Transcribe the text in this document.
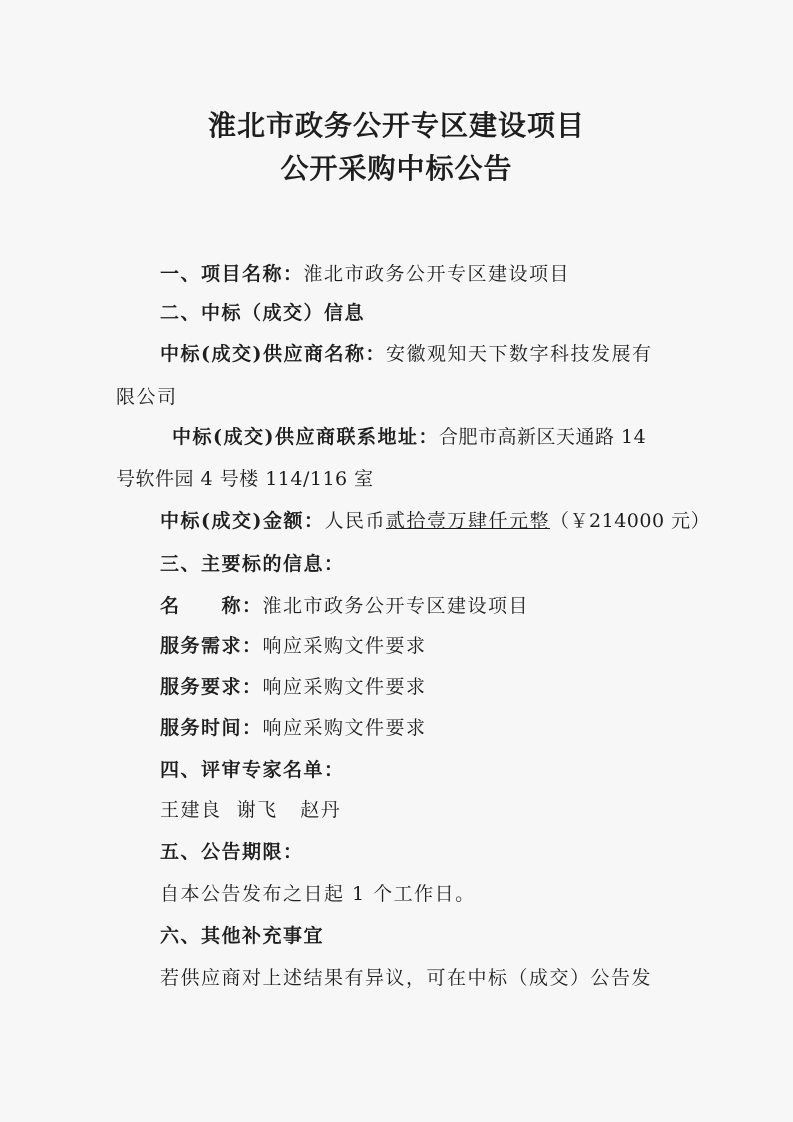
淮北市政务公开专区建设项目
公开采购中标公告
一、项目名称：淮北市政务公开专区建设项目
二、中标（成交）信息
中标(成交)供应商名称：安徽观知天下数字科技发展有
限公司
中标(成交)供应商联系地址：合肥市高新区天通路 14
号软件园 4 号楼 114/116 室
中标(成交)金额：人民币贰拾壹万肆仟元整（￥214000 元）
三、主要标的信息：
名　　称：淮北市政务公开专区建设项目
服务需求：响应采购文件要求
服务要求：响应采购文件要求
服务时间：响应采购文件要求
四、评审专家名单：
王建良  谢飞   赵丹
五、公告期限：
自本公告发布之日起 1 个工作日。
六、其他补充事宜
若供应商对上述结果有异议，可在中标（成交）公告发
